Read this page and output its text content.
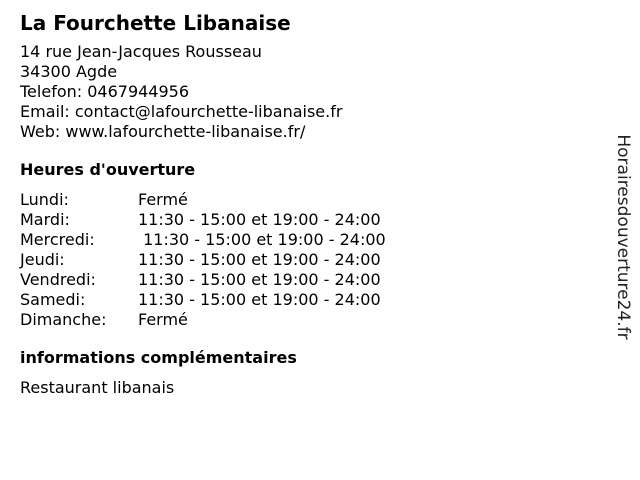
La Fourchette Libanaise
14 rue Jean-Jacques Rousseau
34300 Agde
Telefon: 0467944956
Email: contact@lafourchette-libanaise.fr
Web: www.lafourchette-libanaise.fr/
Heures d'ouverture
Lundi:	Fermé
Mardi:	11:30 - 15:00 et 19:00 - 24:00
Mercredi:	11:30 - 15:00 et 19:00 - 24:00
Jeudi:	11:30 - 15:00 et 19:00 - 24:00
Vendredi:	11:30 - 15:00 et 19:00 - 24:00
Samedi:	11:30 - 15:00 et 19:00 - 24:00
Dimanche:	Fermé
informations complémentaires
Restaurant libanais
Horairesdouverture24.fr
